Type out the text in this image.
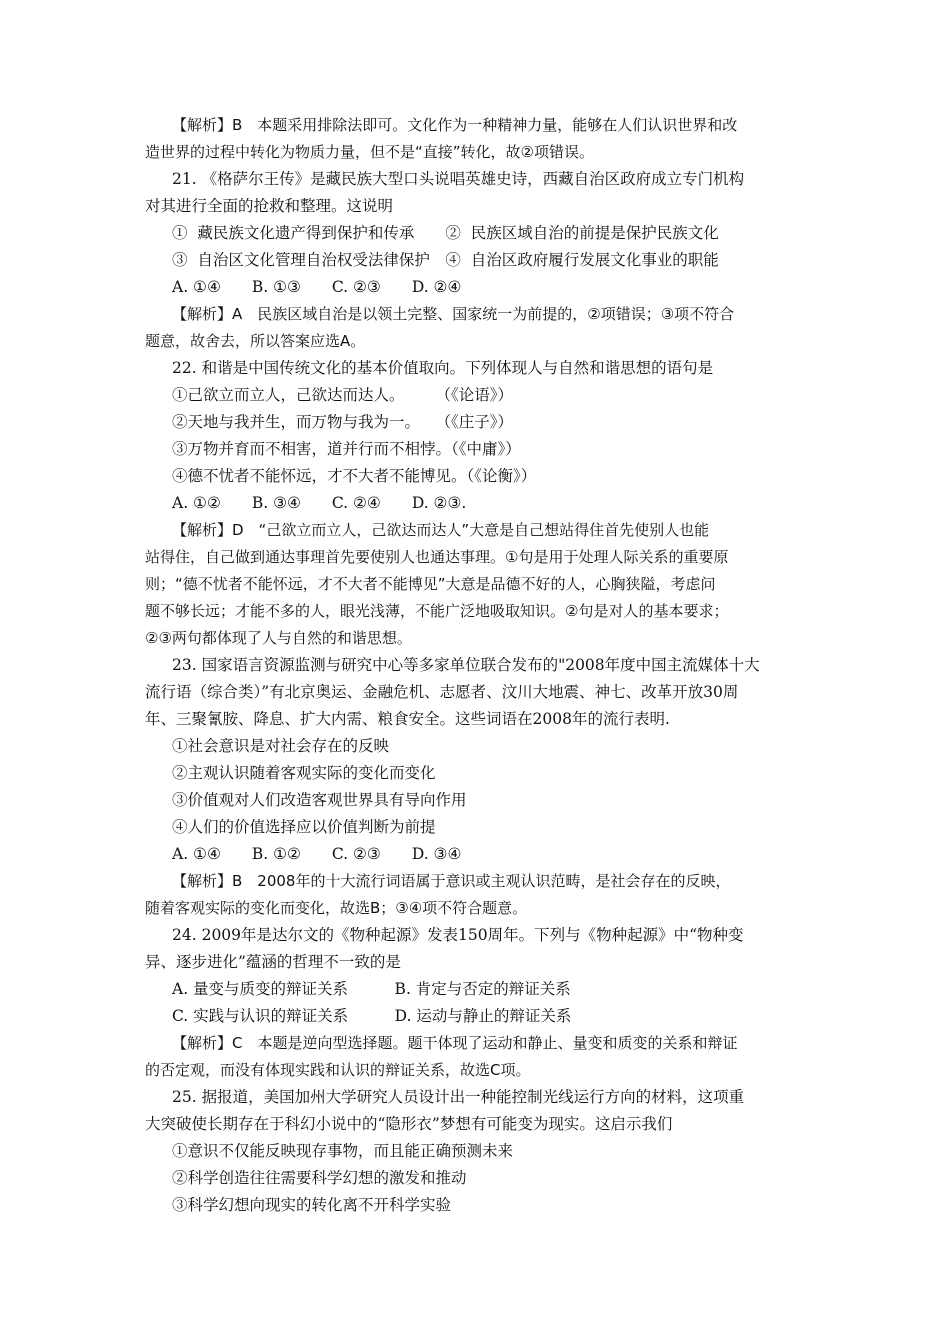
【解析】B　本题采用排除法即可。文化作为一种精神力量，能够在人们认识世界和改
造世界的过程中转化为物质力量，但不是“直接”转化，故②项错误。
21. 《格萨尔王传》是藏民族大型口头说唱英雄史诗，西藏自治区政府成立专门机构
对其进行全面的抢救和整理。这说明
①  藏民族文化遗产得到保护和传承　　②  民族区域自治的前提是保护民族文化
③  自治区文化管理自治权受法律保护　④  自治区政府履行发展文化事业的职能
A. ①④　　B. ①③　　C. ②③　　D. ②④
【解析】A　民族区域自治是以领土完整、国家统一为前提的，②项错误；③项不符合
题意，故舍去，所以答案应选A。
22. 和谐是中国传统文化的基本价值取向。下列体现人与自然和谐思想的语句是
①己欲立而立人，己欲达而达人。　　　（《论语》）
②天地与我并生，而万物与我为一。　　（《庄子》）
③万物并育而不相害，道并行而不相悖。（《中庸》）
④德不忧者不能怀远，才不大者不能博见。（《论衡》）
A. ①②　　B. ③④　　C. ②④　　D. ②③.
【解析】D　“己欲立而立人，己欲达而达人”大意是自己想站得住首先使别人也能
站得住，自己做到通达事理首先要使别人也通达事理。①句是用于处理人际关系的重要原
则；“德不忧者不能怀远，才不大者不能博见”大意是品德不好的人，心胸狭隘，考虑问
题不够长远；才能不多的人，眼光浅薄，不能广泛地吸取知识。②句是对人的基本要求；
②③两句都体现了人与自然的和谐思想。
23. 国家语言资源监测与研究中心等多家单位联合发布的"2008年度中国主流媒体十大
流行语（综合类）”有北京奥运、金融危机、志愿者、汶川大地震、神七、改革开放30周
年、三聚氰胺、降息、扩大内需、粮食安全。这些词语在2008年的流行表明.
①社会意识是对社会存在的反映
②主观认识随着客观实际的变化而变化
③价值观对人们改造客观世界具有导向作用
④人们的价值选择应以价值判断为前提
A. ①④　　B. ①②　　C. ②③　　D. ③④
【解析】B　2008年的十大流行词语属于意识或主观认识范畴，是社会存在的反映，
随着客观实际的变化而变化，故选B；③④项不符合题意。
24. 2009年是达尔文的《物种起源》发表150周年。下列与《物种起源》中“物种变
异、逐步进化”蕴涵的哲理不一致的是
A. 量变与质变的辩证关系　　　B. 肯定与否定的辩证关系
C. 实践与认识的辩证关系　　　D. 运动与静止的辩证关系
【解析】C　本题是逆向型选择题。题干体现了运动和静止、量变和质变的关系和辩证
的否定观，而没有体现实践和认识的辩证关系，故选C项。
25. 据报道，美国加州大学研究人员设计出一种能控制光线运行方向的材料，这项重
大突破使长期存在于科幻小说中的“隐形衣”梦想有可能变为现实。这启示我们
①意识不仅能反映现存事物，而且能正确预测未来
②科学创造往往需要科学幻想的激发和推动
③科学幻想向现实的转化离不开科学实验
